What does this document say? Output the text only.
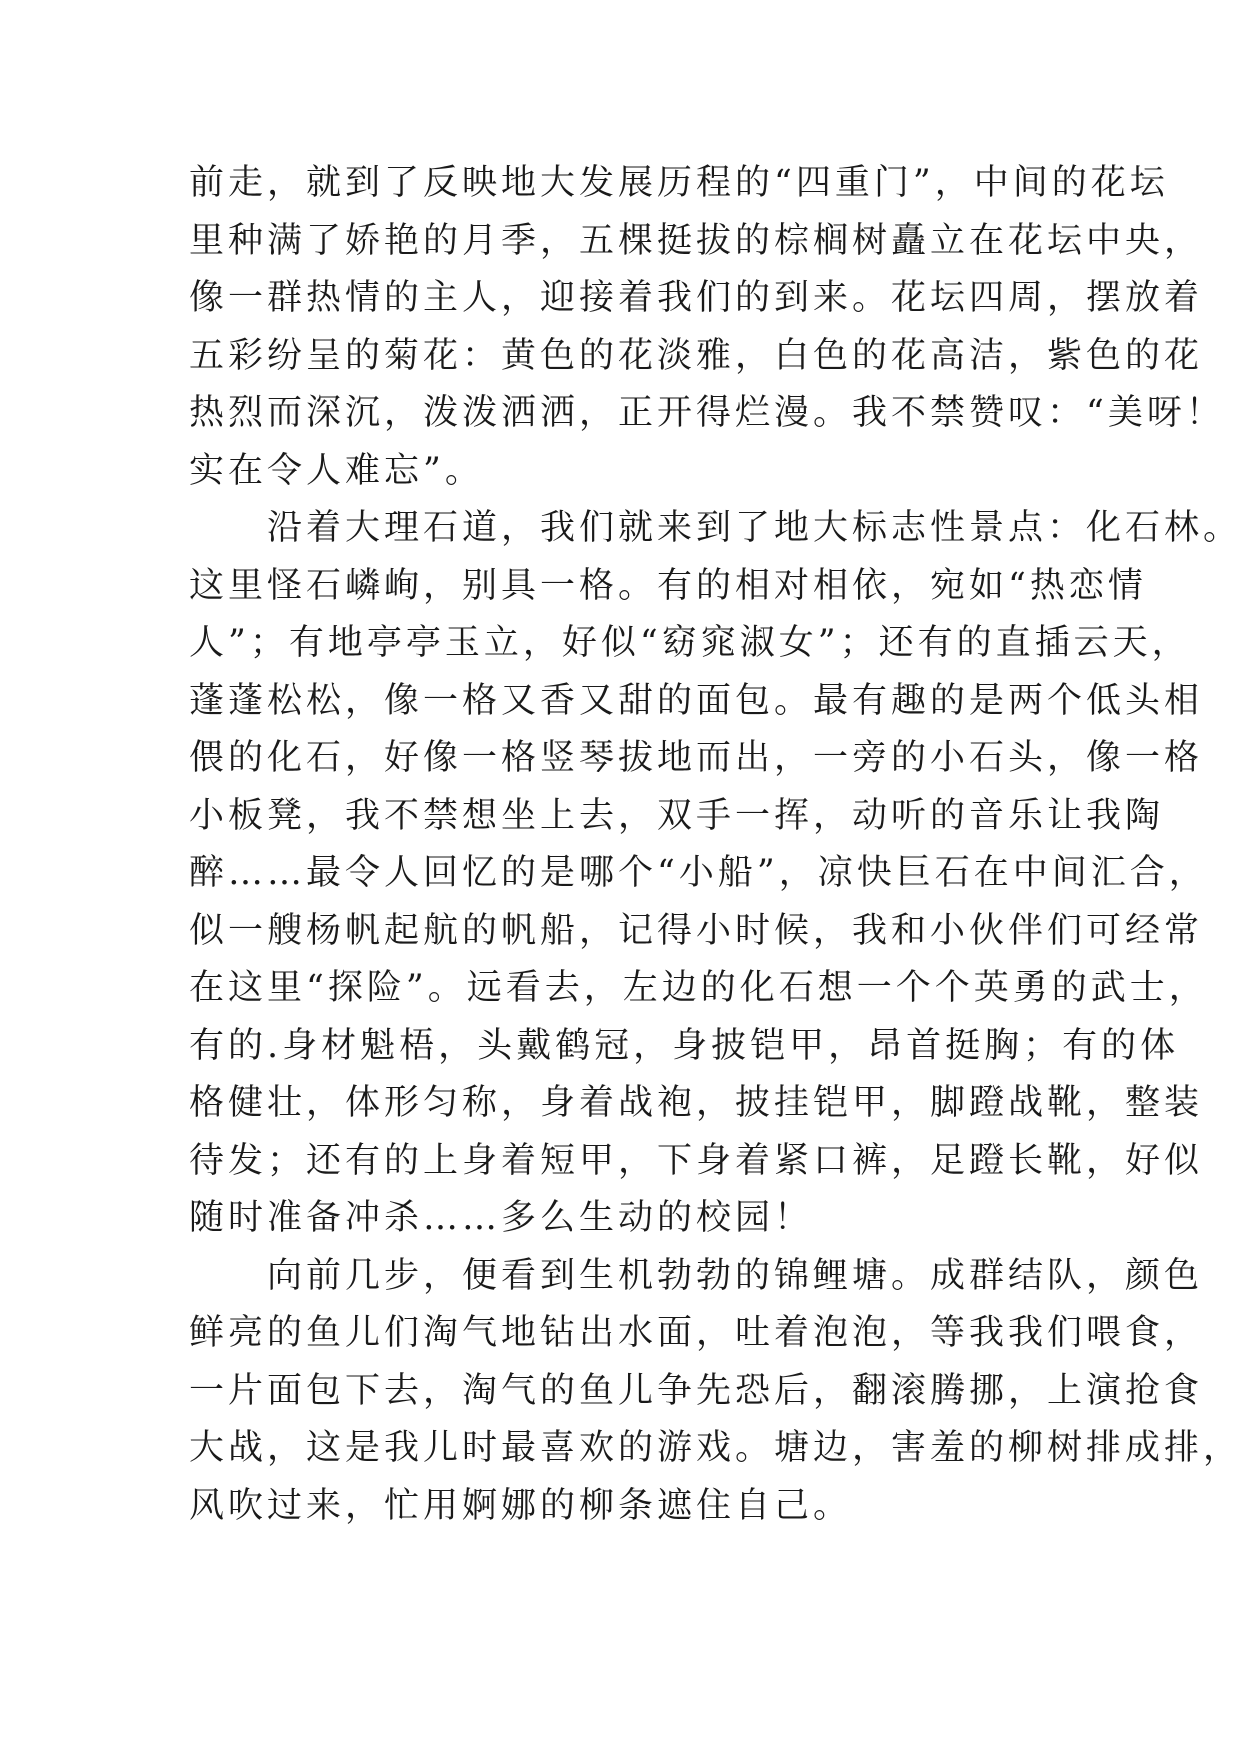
前走，就到了反映地大发展历程的“四重门”，中间的花坛
里种满了娇艳的月季，五棵挺拔的棕榈树矗立在花坛中央，
像一群热情的主人，迎接着我们的到来。花坛四周，摆放着
五彩纷呈的菊花：黄色的花淡雅，白色的花高洁，紫色的花
热烈而深沉，泼泼洒洒，正开得烂漫。我不禁赞叹：“美呀！
实在令人难忘”。
沿着大理石道，我们就来到了地大标志性景点：化石林。
这里怪石嶙峋，别具一格。有的相对相依，宛如“热恋情
人”；有地亭亭玉立，好似“窈窕淑女”；还有的直插云天，
蓬蓬松松，像一格又香又甜的面包。最有趣的是两个低头相
偎的化石，好像一格竖琴拔地而出，一旁的小石头，像一格
小板凳，我不禁想坐上去，双手一挥，动听的音乐让我陶
醉……最令人回忆的是哪个“小船”，凉快巨石在中间汇合，
似一艘杨帆起航的帆船，记得小时候，我和小伙伴们可经常
在这里“探险”。远看去，左边的化石想一个个英勇的武士，
有的.身材魁梧，头戴鹤冠，身披铠甲，昂首挺胸；有的体
格健壮，体形匀称，身着战袍，披挂铠甲，脚蹬战靴，整装
待发；还有的上身着短甲，下身着紧口裤，足蹬长靴，好似
随时准备冲杀……多么生动的校园！
向前几步，便看到生机勃勃的锦鲤塘。成群结队，颜色
鲜亮的鱼儿们淘气地钻出水面，吐着泡泡，等我我们喂食，
一片面包下去，淘气的鱼儿争先恐后，翻滚腾挪，上演抢食
大战，这是我儿时最喜欢的游戏。塘边，害羞的柳树排成排，
风吹过来，忙用婀娜的柳条遮住自己。
